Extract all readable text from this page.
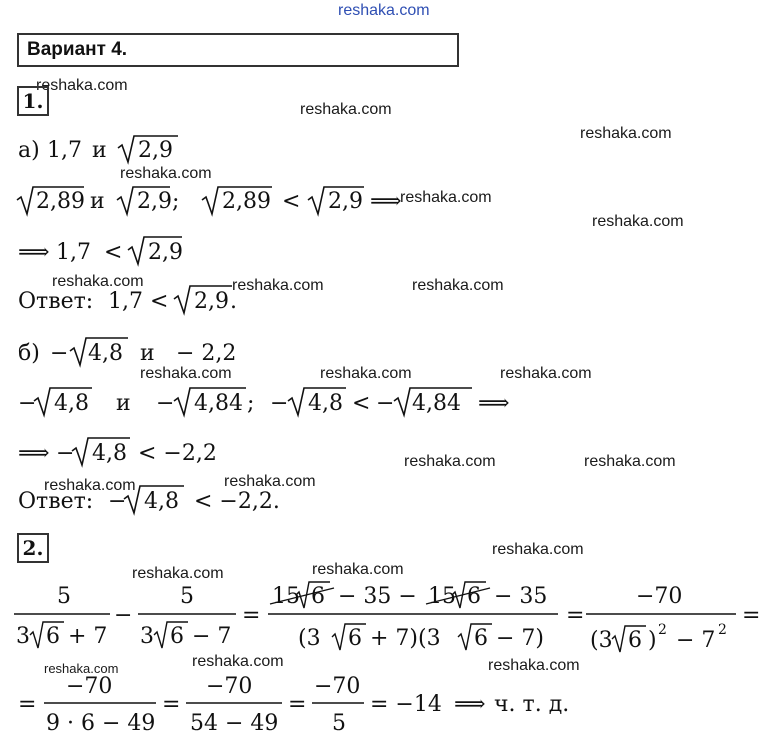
reshaka.com
reshaka.com
reshaka.com
reshaka.com
reshaka.com
reshaka.com
reshaka.com
reshaka.com	reshaka.com	reshaka.com
reshaka.com	reshaka.com	reshaka.com
reshaka.com	reshaka.com
reshaka.com	reshaka.com
reshaka.com
reshaka.com	reshaka.com
reshaka.com	reshaka.com	reshaka.com
Вариант 4.
1.
а) 1,7 и 2,9
2,89 и 2,9 ; 2,89 < 2,9 ⟹
⟹ 1,7 < 2,9
Ответ: 1,7 < 2,9 .
б) − 4,8 и − 2,2
− 4,8 и − 4,84 ; − 4,8 < − 4,84 ⟹
⟹ − 4,8 < −2,2
Ответ: − 4,8 < −2,2.
2.
5
3 6 + 7
−
5
3 6 − 7
=
15 6 − 35 − 15 6 − 35
(3 6 + 7)(3 6 − 7)
=
−70
(3 6 ) 2 − 7 2
=
=
−70
9 · 6 − 49
=
−70
54 − 49
=
−70
5
= −14 ⟹ ч. т. д.
